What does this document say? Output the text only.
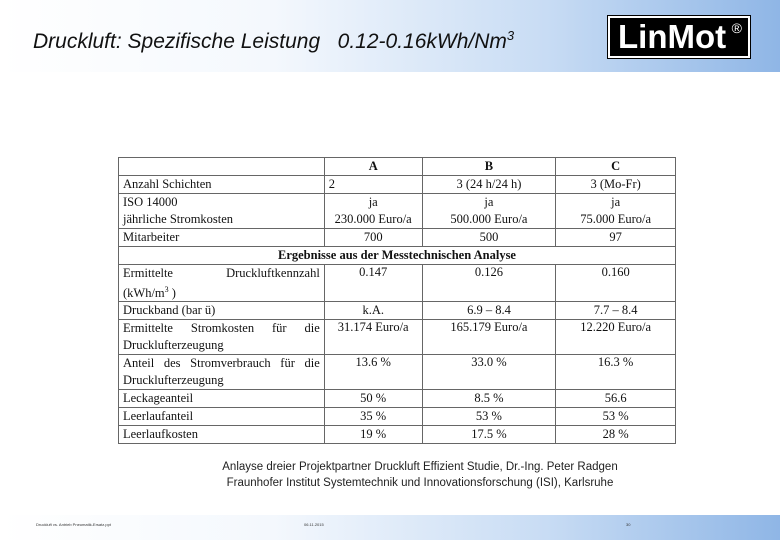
Druckluft: Spezifische Leistung   0.12-0.16kWh/Nm$^3$	LinMot ®
	A	B	C
Anzahl Schichten	2	3 (24 h/24 h)	3 (Mo-Fr)
ISO 14000	ja	ja	ja
jährliche Stromkosten	230.000 Euro/a	500.000 Euro/a	75.000 Euro/a
Mitarbeiter	700	500	97
Ergebnisse aus der Messtechnischen Analyse			

Ermittelte Druckluftkennzahl	0.147	0.126	0.160
($kWh/m^3$ )			
Druckband (bar ü)	k.A.	6.9 – 8.4	7.7 – 8.4
Ermittelte Stromkosten für die	31.174 Euro/a	165.179 Euro/a	12.220 Euro/a
Drucklufterzeugung			
Anteil des Stromverbrauch für die	13.6 %	33.0 %	16.3 %
Drucklufterzeugung			
Leckageanteil	50 %	8.5 %	56.6
Leerlaufanteil	35 %	53 %	53 %
Leerlaufkosten	19 %	17.5 %	28 %
Anlayse dreier Projektpartner Druckluft Effizient Studie, Dr.-Ing. Peter Radgen
Fraunhofer Institut Systemtechnik und Innovationsforschung (ISI), Karlsruhe
Druckluft vs. Antrieb Pneumatik-Ersatz.ppt	06.11.2015	30
